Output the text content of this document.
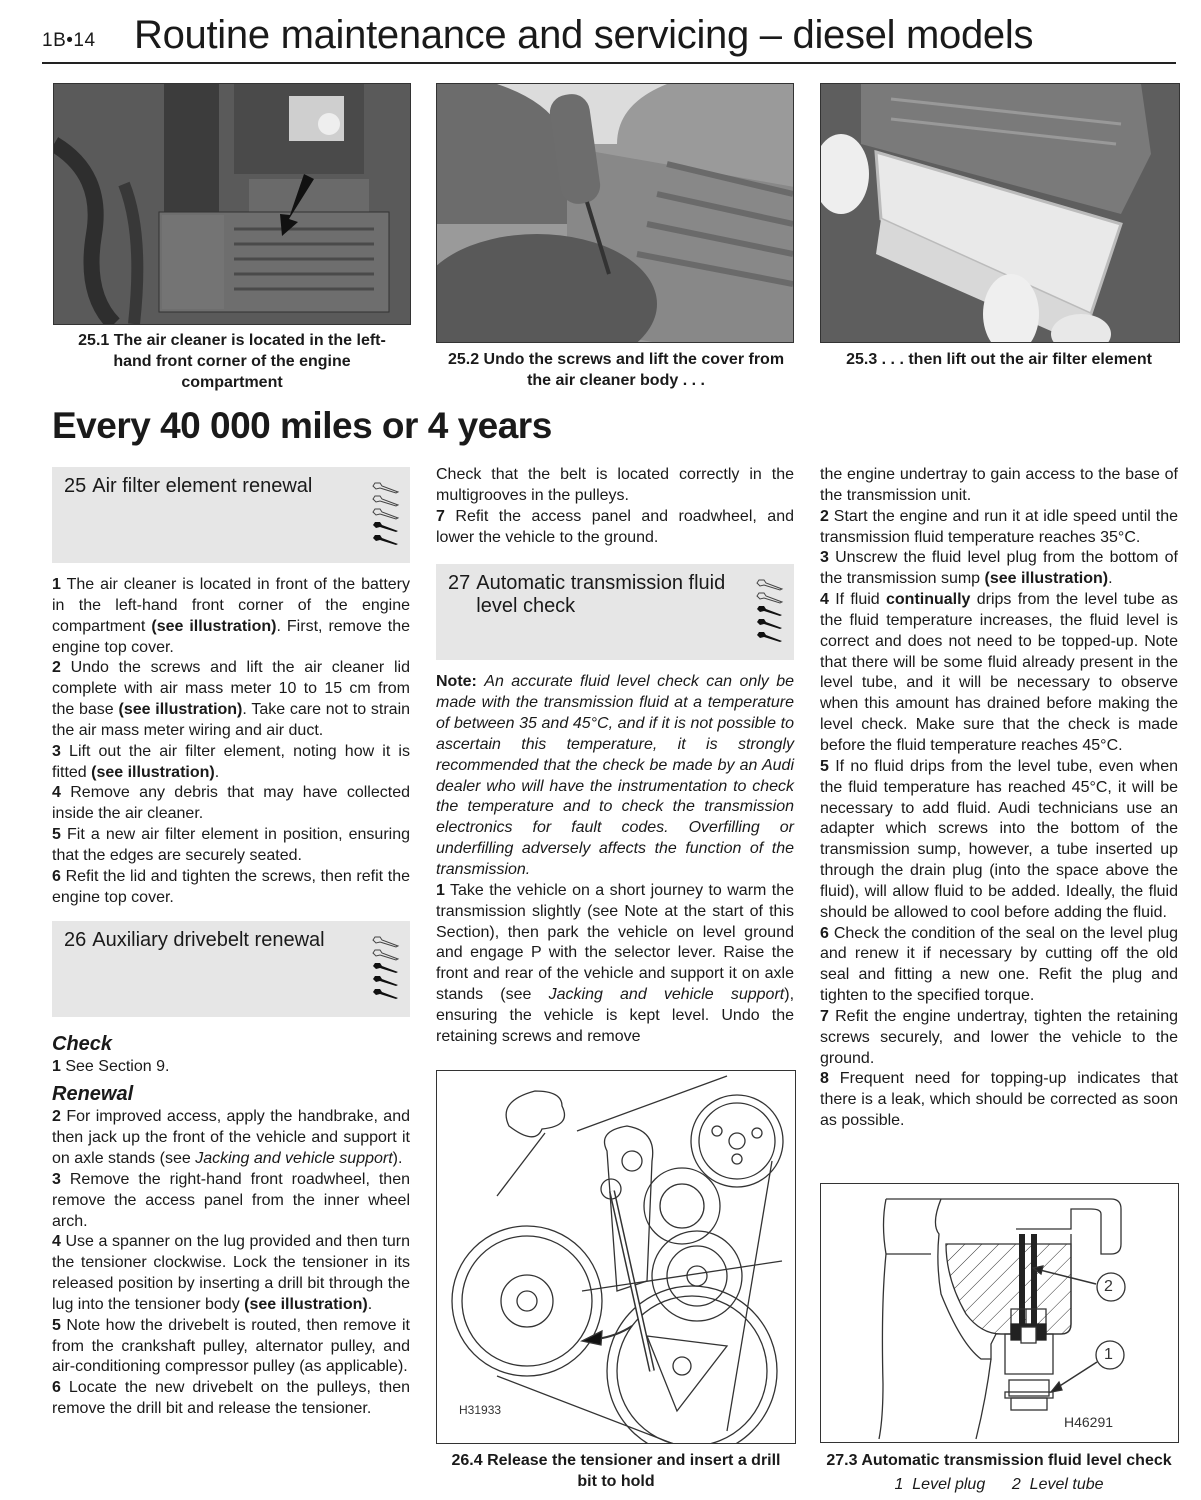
1B•14 Routine maintenance and servicing – diesel models
25.1 The air cleaner is located in the left-hand front corner of the engine compartment
25.2 Undo the screws and lift the cover from the air cleaner body . . .
25.3 . . . then lift out the air filter element
Every 40 000 miles or 4 years
25 Air filter element renewal

1 The air cleaner is located in front of the battery in the left-hand front corner of the engine compartment (see illustration). First, remove the engine top cover.

2 Undo the screws and lift the air cleaner lid complete with air mass meter 10 to 15 cm from the base (see illustration). Take care not to strain the air mass meter wiring and air duct.

3 Lift out the air filter element, noting how it is fitted (see illustration).

4 Remove any debris that may have collected inside the air cleaner.

5 Fit a new air filter element in position, ensuring that the edges are securely seated.

6 Refit the lid and tighten the screws, then refit the engine top cover.

26 Auxiliary drivebelt renewal

Check

1 See Section 9.

Renewal

2 For improved access, apply the handbrake, and then jack up the front of the vehicle and support it on axle stands (see Jacking and vehicle support).

3 Remove the right-hand front roadwheel, then remove the access panel from the inner wheel arch.

4 Use a spanner on the lug provided and then turn the tensioner clockwise. Lock the tensioner in its released position by inserting a drill bit through the lug into the tensioner body (see illustration).

5 Note how the drivebelt is routed, then remove it from the crankshaft pulley, alternator pulley, and air-conditioning compressor pulley (as applicable).

6 Locate the new drivebelt on the pulleys, then remove the drill bit and release the tensioner.

Check that the belt is located correctly in the multigrooves in the pulleys.

7 Refit the access panel and roadwheel, and lower the vehicle to the ground.

27 Automatic transmission fluid
level check

Note: An accurate fluid level check can only be made with the transmission fluid at a temperature of between 35 and 45°C, and if it is not possible to ascertain this temperature, it is strongly recommended that the check be made by an Audi dealer who will have the instrumentation to check the temperature and to check the transmission electronics for fault codes. Overfilling or underfilling adversely affects the function of the transmission.

1 Take the vehicle on a short journey to warm the transmission slightly (see Note at the start of this Section), then park the vehicle on level ground and engage P with the selector lever. Raise the front and rear of the vehicle and support it on axle stands (see Jacking and vehicle support), ensuring the vehicle is kept level. Undo the retaining screws and remove

H31933
26.4 Release the tensioner and insert a drill bit to hold

the engine undertray to gain access to the base of the transmission unit.

2 Start the engine and run it at idle speed until the transmission fluid temperature reaches 35°C.

3 Unscrew the fluid level plug from the bottom of the transmission sump (see illustration).

4 If fluid continually drips from the level tube as the fluid temperature increases, the fluid level is correct and does not need to be topped-up. Note that there will be some fluid already present in the level tube, and it will be necessary to observe when this amount has drained before making the level check. Make sure that the check is made before the fluid temperature reaches 45°C.

5 If no fluid drips from the level tube, even when the fluid temperature has reached 45°C, it will be necessary to add fluid. Audi technicians use an adapter which screws into the bottom of the transmission sump, however, a tube inserted up through the drain plug (into the space above the fluid), will allow fluid to be added. Ideally, the fluid should be allowed to cool before adding the fluid.

6 Check the condition of the seal on the level plug and renew it if necessary by cutting off the old seal and fitting a new one. Refit the plug and tighten to the specified torque.

7 Refit the engine undertray, tighten the retaining screws securely, and lower the vehicle to the ground.

8 Frequent need for topping-up indicates that there is a leak, which should be corrected as soon as possible.

2
1
H46291
27.3 Automatic transmission fluid level check
1  Level plug      2  Level tube
